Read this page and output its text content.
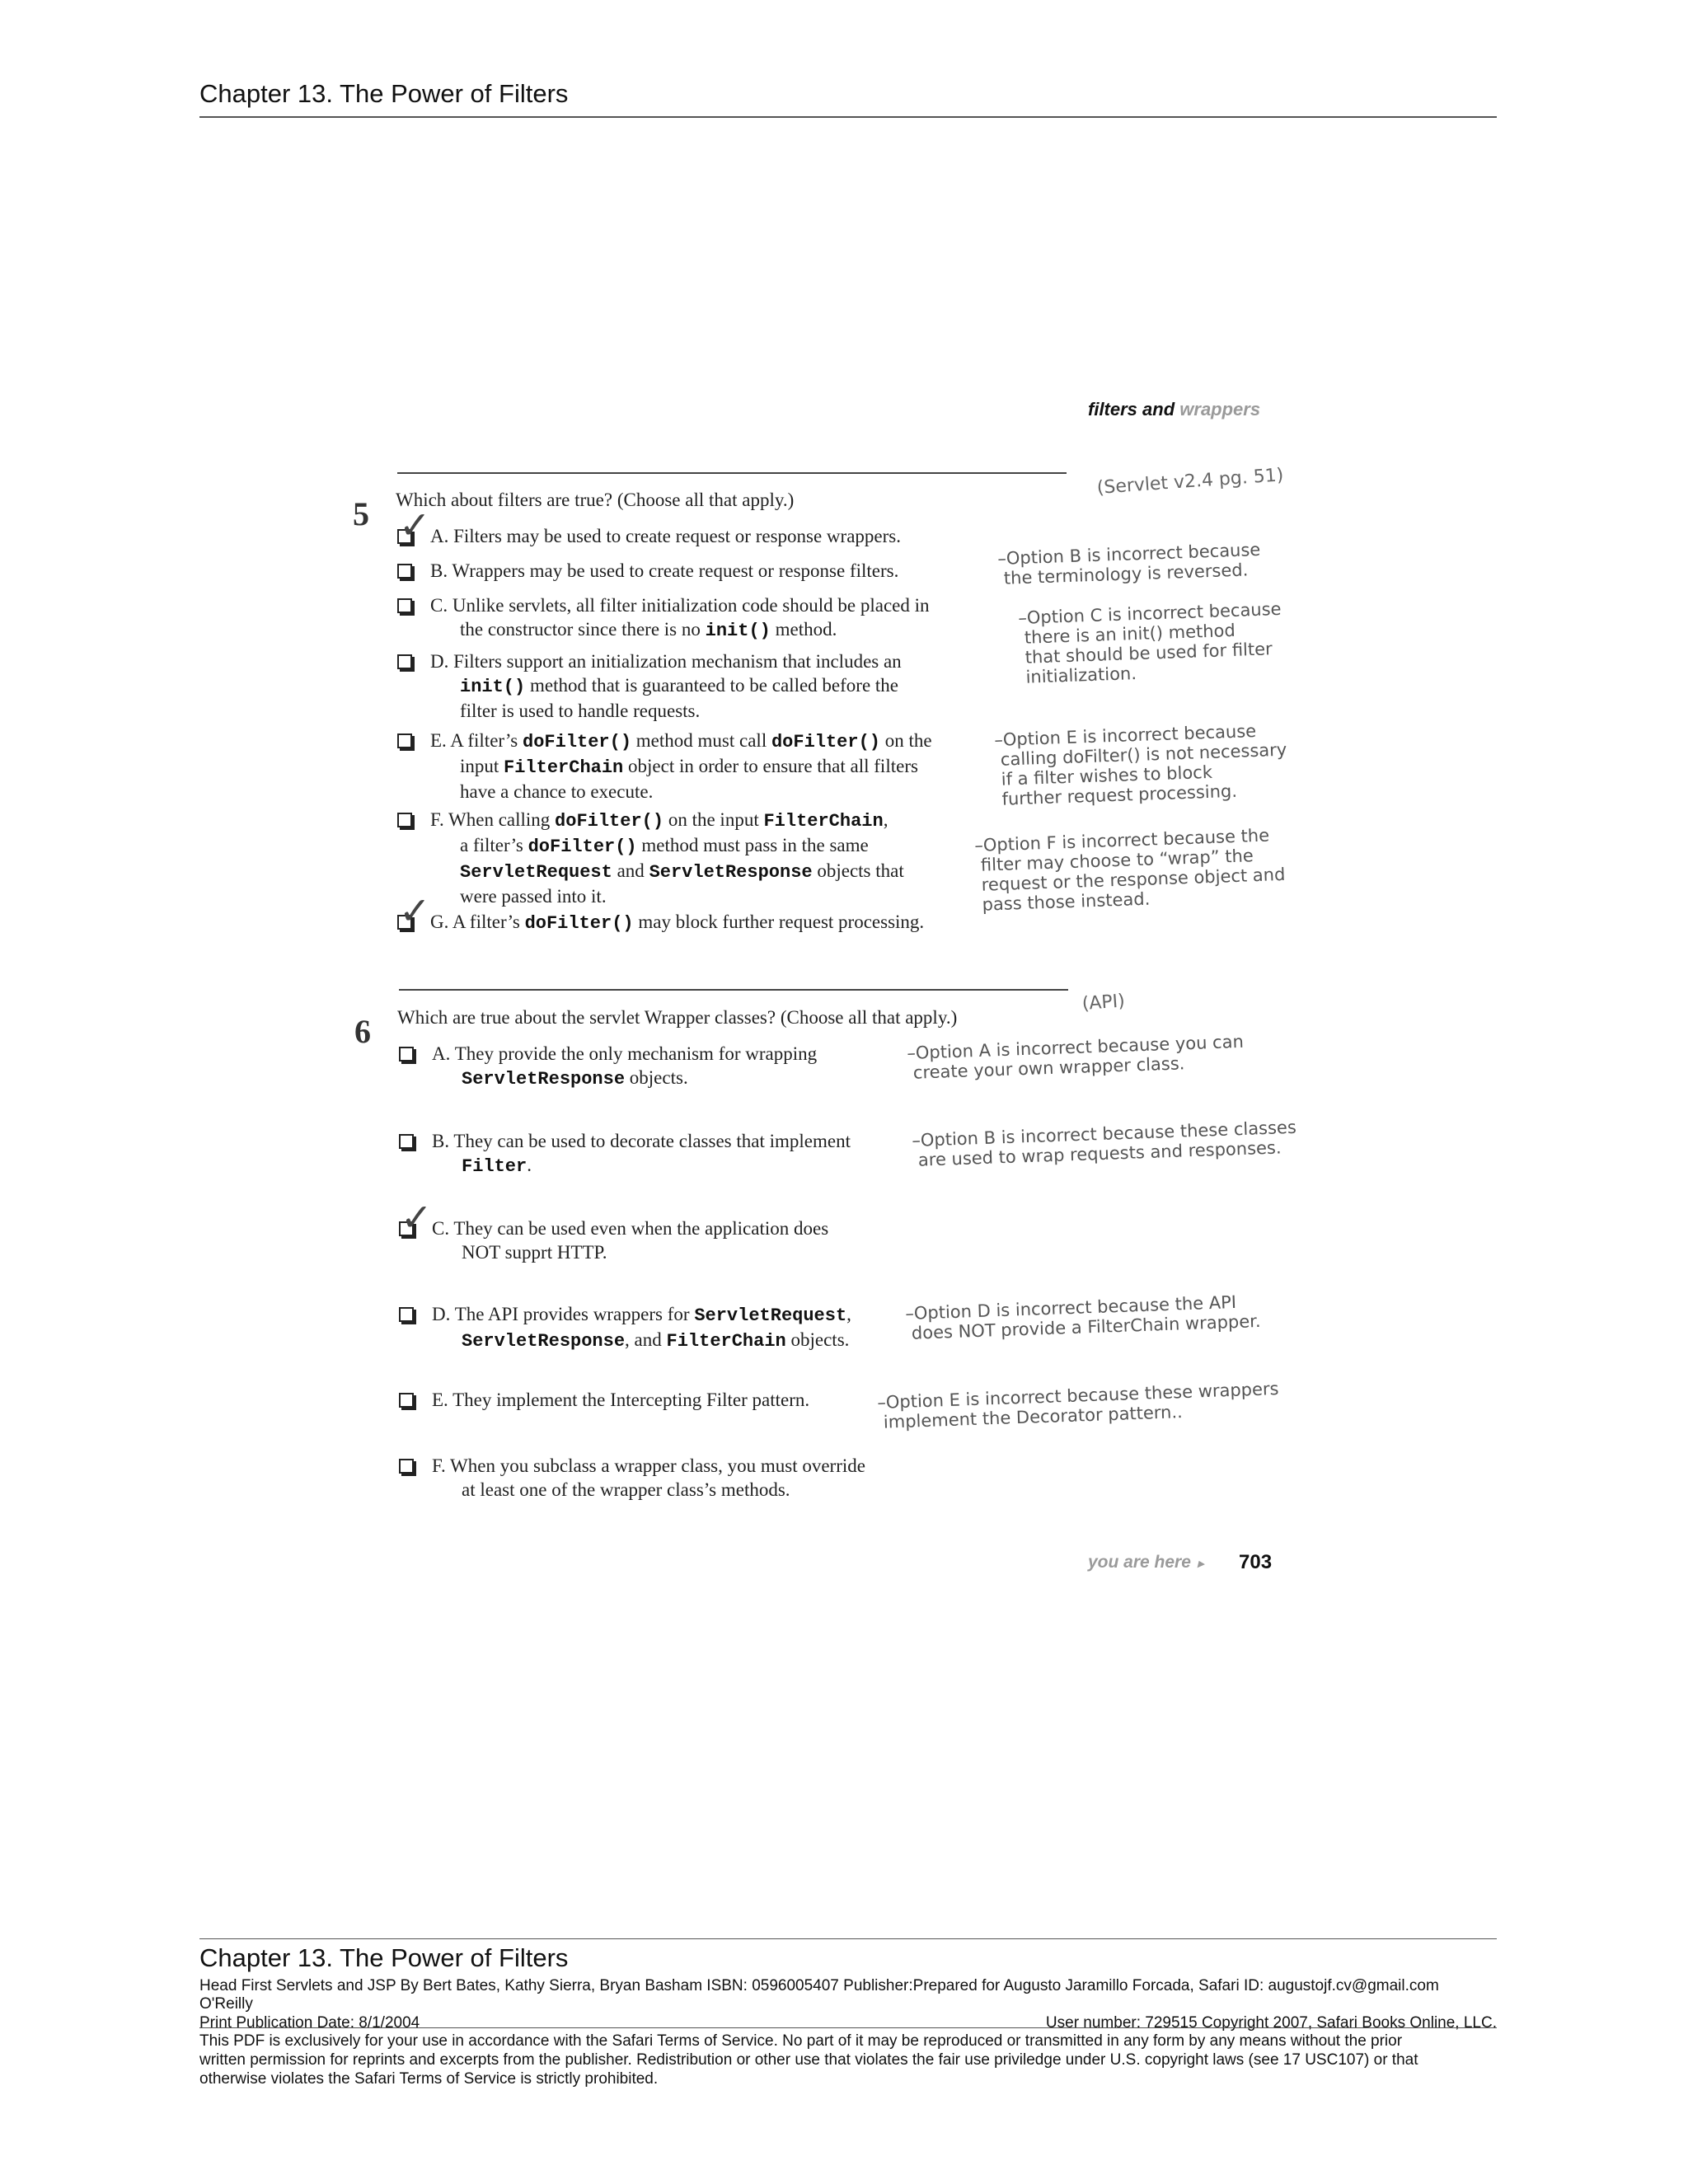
Chapter 13. The Power of Filters
filters and wrappers
5 Which about filters are true? (Choose all that apply.)
(Servlet v2.4 pg. 51)
✓ A. Filters may be used to create request or response wrappers.
B. Wrappers may be used to create request or response filters.
C. Unlike servlets, all filter initialization code should be placed in
the constructor since there is no init() method.
D. Filters support an initialization mechanism that includes an
init() method that is guaranteed to be called before the
filter is used to handle requests.
E. A filter’s doFilter() method must call doFilter() on the
input FilterChain object in order to ensure that all filters
have a chance to execute.
F. When calling doFilter() on the input FilterChain,
a filter’s doFilter() method must pass in the same
ServletRequest and ServletResponse objects that
were passed into it.
✓ G. A filter’s doFilter() may block further request processing.
–Option B is incorrect because
the terminology is reversed.
–Option C is incorrect because
there is an init() method
that should be used for filter
initialization.
–Option E is incorrect because
calling doFilter() is not necessary
if a filter wishes to block
further request processing.
–Option F is incorrect because the
filter may choose to “wrap” the
request or the response object and
pass those instead.
6 Which are true about the servlet Wrapper classes? (Choose all that apply.)
(API)
A. They provide the only mechanism for wrapping
ServletResponse objects.
B. They can be used to decorate classes that implement
Filter.
✓ C. They can be used even when the application does
NOT supprt HTTP.
D. The API provides wrappers for ServletRequest,
ServletResponse, and FilterChain objects.
E. They implement the Intercepting Filter pattern.
F. When you subclass a wrapper class, you must override
at least one of the wrapper class’s methods.
–Option A is incorrect because you can
create your own wrapper class.
–Option B is incorrect because these classes
are used to wrap requests and responses.
–Option D is incorrect because the API
does NOT provide a FilterChain wrapper.
–Option E is incorrect because these wrappers
implement the Decorator pattern..
you are here ▸ 703
Chapter 13. The Power of Filters
Head First Servlets and JSP By Bert Bates, Kathy Sierra, Bryan Basham ISBN: 0596005407 Publisher:Prepared for Augusto Jaramillo Forcada, Safari ID: augustojf.cv@gmail.com
O'Reilly
Print Publication Date: 8/1/2004	User number: 729515 Copyright 2007, Safari Books Online, LLC.
This PDF is exclusively for your use in accordance with the Safari Terms of Service. No part of it may be reproduced or transmitted in any form by any means without the prior
written permission for reprints and excerpts from the publisher. Redistribution or other use that violates the fair use priviledge under U.S. copyright laws (see 17 USC107) or that
otherwise violates the Safari Terms of Service is strictly prohibited.
